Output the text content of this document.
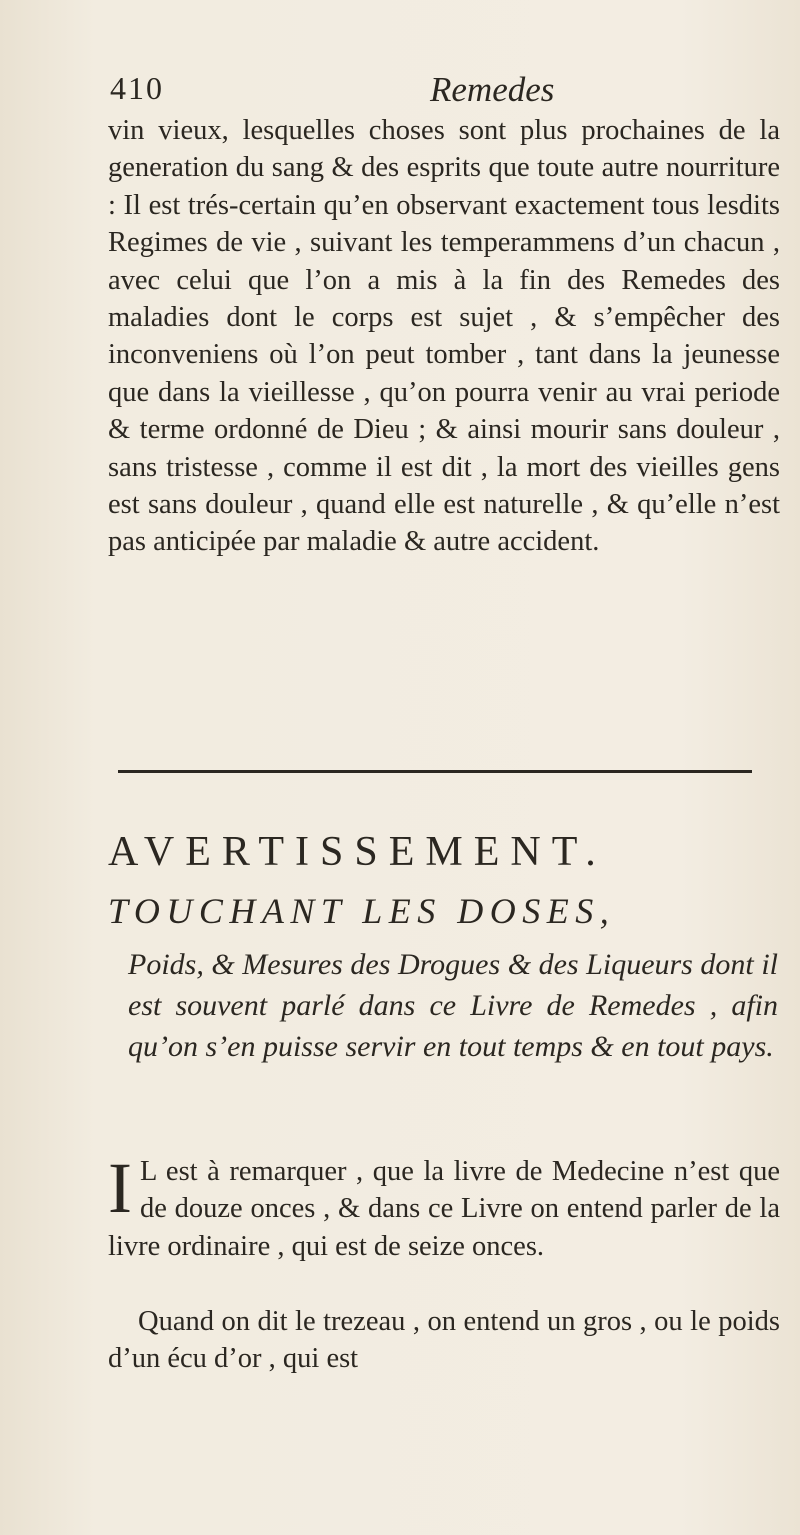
410	Remedes

vin vieux, lesquelles choses sont plus prochaines de la generation du sang & des esprits que toute autre nourriture : Il est trés-certain qu’en observant exactement tous lesdits Regimes de vie , suivant les temperammens d’un chacun , avec celui que l’on a mis à la fin des Remedes des maladies dont le corps est sujet , & s’empêcher des inconveniens où l’on peut tomber , tant dans la jeunesse que dans la vieillesse , qu’on pourra venir au vrai periode & terme ordonné de Dieu ; & ainsi mourir sans douleur , sans tristesse , comme il est dit , la mort des vieilles gens est sans douleur , quand elle est naturelle , & qu’elle n’est pas anticipée par maladie & autre accident.

AVERTISSEMENT.
TOUCHANT LES DOSES,
Poids, & Mesures des Drogues & des Liqueurs dont il est souvent parlé dans ce Livre de Remedes , afin qu’on s’en puisse servir en tout temps & en tout pays.

I L est à remarquer , que la livre de Medecine n’est que de douze onces , & dans ce Livre on entend parler de la livre ordinaire , qui est de seize onces.

Quand on dit le trezeau , on entend un gros , ou le poids d’un écu d’or , qui est
